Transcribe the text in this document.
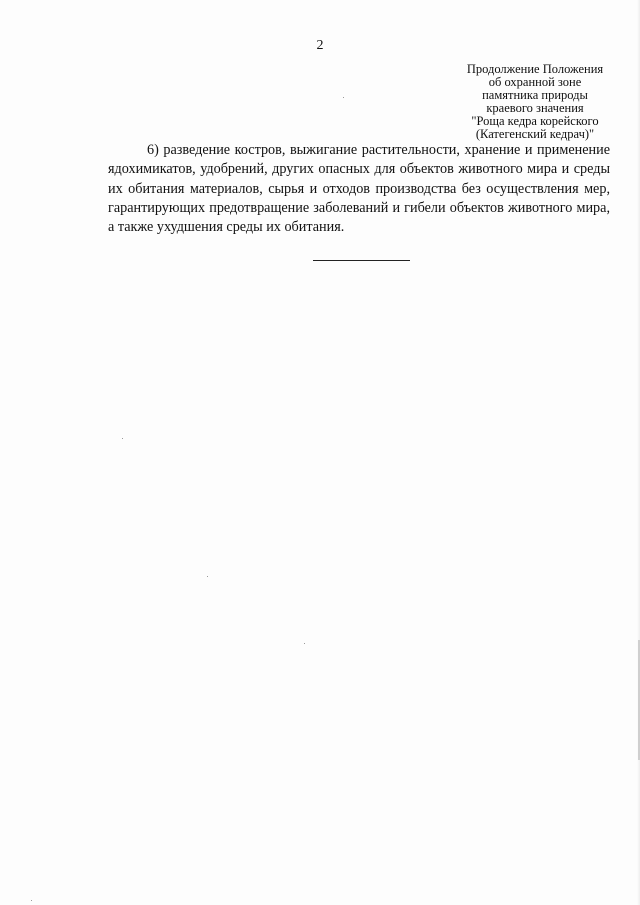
2
Продолжение Положения
об охранной зоне
памятника природы
краевого значения
"Роща кедра корейского
(Категенский кедрач)"

6) разведение костров, выжигание растительности, хранение и применение ядохимикатов, удобрений, других опасных для объектов животного мира и среды их обитания материалов, сырья и отходов производства без осуществления мер, гарантирующих предотвращение заболеваний и гибели объектов животного мира, а также ухудшения среды их обитания.
